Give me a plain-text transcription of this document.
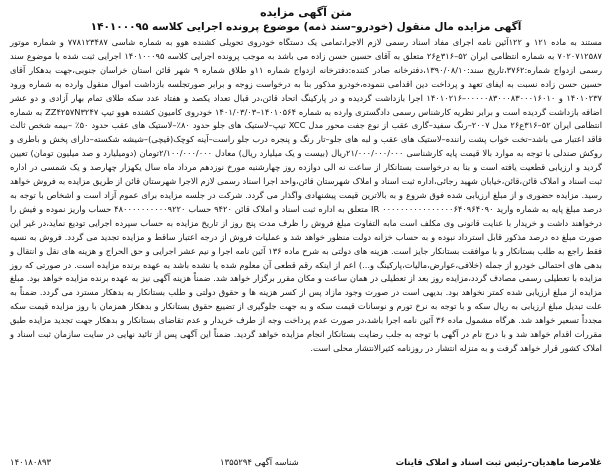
متن آگهی مزایده
آگهی مزایده مال منقول (خودرو–سند ذمه) موضوع پرونده اجرایی کلاسه ۱۴۰۱۰۰۰۹۵
مستند به ماده ۱۲۱ و ۱۲۲آئین نامه اجرای مفاد اسناد رسمی لازم الاجرا،تمامی یک دستگاه خودروی تحویلی کشنده هوو به شماره شاسی ۷۷۸۱۲۳۴۸۷ و شماره موتور ۷۰۲۰۷۱۲۵۸۷ به شماره انتظامی ایران ۵۲–۳۱۶ع۲۶ متعلق به آقای حسین حسن زاده می باشد به موجب پرونده اجرایی کلاسه ۱۴۰۱۰۰۰۹۵ اجرایی ثبت شده با موضوع سند رسمی ازدواج شماره:۳۷۶۲،تاریخ سند:۱۳۹۰/۰۸/۱۰،دفترخانه صادر کننده:دفترخانه ازدواج شماره ۱۱و طلاق شماره ۹ شهر قائن استان خراسان جنوبی،جهت بدهکار آقای حسین حسن زاده نسبت به ایفای تعهد و پرداخت دین اقدامی ننموده،خودرو مذکور بنا به درخواست زوجه و برابر صورتجلسه بازداشت اموال منقول وارده به شماره ورود ۱۴۰۱۰۲۳۷ و ۰۰۰۰۰۸۳۰۰۰۸۳۰۰۰۱۶۰۱۰–۱۴۰۱۰۲۱۶ اجرا بازداشت گردیده و در پارکینگ اتحاد قائن،در قبال تعداد یکصد و هفتاد عدد سکه طلای تمام بهار آزادی و دو عشر اضافه بازداشت گردیده است و برابر نظریه کارشناس رسمی دادگستری وارده به شماره ۱۴۰۱۰۵۶۴–۱۴۰۱/۰۳/۰۳ خودروی کامیون کشنده هوو تیپ ZZ۴۲۵۷N۳۲۴۷ به شماره انتظامی ایران ۵۲–۳۱۶ع۲۶ مدل ۲۰۰۷–رنگ سفید–گاری عقب از نوع جفت محور مدل XCC تیپ–لاستیک های جلو حدود ۸۰٪–لاستیک های عقب حدود ۵۰٪ –بیمه شخص ثالث فاقد اعتبار می باشد–تخت خواب پشت راننده–لاستیک های عقب و لبه های جلو–تار رنگ و پنجره درب جلو راست–آینه کوچک(قیچی)–شیشه شکسته–دارای پخش و باطری و روکش صندلی با توجه به موارد بالا قیمت پایه کارشناسی ۲۱/۰۰۰/۰۰۰/۰۰۰ریال (بیست و یک میلیارد ریال) معادل ۲/۱۰۰/۰۰۰/۰۰۰تومان (دومیلیارد و صد میلیون تومان) تعیین گردید و ارزیابی قطعیت یافته است و بنا به درخواست بستانکار از ساعت نه الی دوازده روز چهارشنبه مورخ نوزدهم مرداد ماه سال یکهزار چهارصد و یک شمسی در اداره ثبت اسناد و املاک قائن،قائن،خیابان شهید رجائی،اداره ثبت اسناد و املاک شهرستان قائن،واحد اجرا اسناد رسمی لازم الاجرا شهرستان قائن از طریق مزایده به فروش خواهد رسید. مزایده حضوری و از مبلغ ارزیابی شده فوق شروع و به بالاترین قیمت پیشنهادی واگذار می گردد. شرکت در جلسه مزایده برای عموم آزاد است و اشخاص با توجه به درصد مبلغ پایه به شماره وارید ۰۰۰۰۰۰۰۰۰۰۰۰۰۰۰۰۶۴۰۹۶۴۰۹۰ IR متعلق به اداره ثبت اسناد و املاک قائن ۹۴۲۰ حساب ۴۸۰۰۰۰۰۰۰۰۰۰۹۲۲۰ حساب واریز نموده و فیش را درخواهند داشت و خریدار با عنایت قانونی وی مکلف است مابه التفاوت مبلغ فروش را ظرف مدت پنج روز از تاریخ مزایده به حساب سپرده اجرایی تودیع نماید،در غیر این صورت مبلغ ده درصد مذکور قابل استرداد نبوده و به حساب خزانه دولت منظور خواهد شد و عملیات فروش از درجه اعتبار ساقط و مزایده تجدید می گردد. فروش به نسیه فقط راجع به طلب بستانکار و با موافقت بستانکار جایز است. هزینه های دولتی به شرح ماده ۱۳۶ آئین نامه اجرا و نیم عشر اجرایی و حق الحراج و هزینه های نقل و انتقال و بدهی های احتمالی خودرو از جمله (خلافی،عوارض،مالیات،پارکینگ و...) اعم از اینکه رقم قطعی آن معلوم شده یا نشده باشد به عهده برنده مزایده است. در صورتی که روز مزایده با تعطیلی رسمی مصادف گردد،مزایده روز بعد از تعطیلی در همان ساعت و مکان مقرر برگزار خواهد شد. ضمناً هزینه آگهی نیز به عهده برنده مزایده خواهد بود. مبلغ مزایده از مبلغ ارزیابی شده کمتر نخواهد بود. بدیهی است در صورت وجود مازاد پس از کسر هزینه ها و حقوق دولتی و طلب بستانکار به بدهکار مسترد می گردد. ضمناً به علت تبدیل مبلغ ارزیابی به ریال سکه و با توجه به نرخ تورم و نوسانات قیمت سکه و به جهت جلوگیری از تضییع حقوق بستانکار و بدهکار همزمان با روز مزایده قیمت سکه مجدداً تسعیر خواهد شد. هرگاه مشمول ماده ۳۶ آئین نامه اجرا باشد،در صورت عدم پرداخت وجه از طرف خریدار و عدم تقاضای بستانکار و بدهکار جهت تجدید مزایده طبق مقررات اقدام خواهد شد و با درج نام در آگهی با توجه به جلب رضایت بستانکار انجام مزایده خواهد گردید. ضمناً این آگهی پس از تائید نهایی در سایت سازمان ثبت اسناد و املاک کشور قرار خواهد گرفت و به منزله انتشار در روزنامه کثیرالانتشار محلی است.
غلامرضا ماهدیان–رئیس ثبت اسناد و املاک قاینات
شناسه آگهی ۱۳۵۵۲۹۴
۱۴۰۱۸۰۸۹۳
